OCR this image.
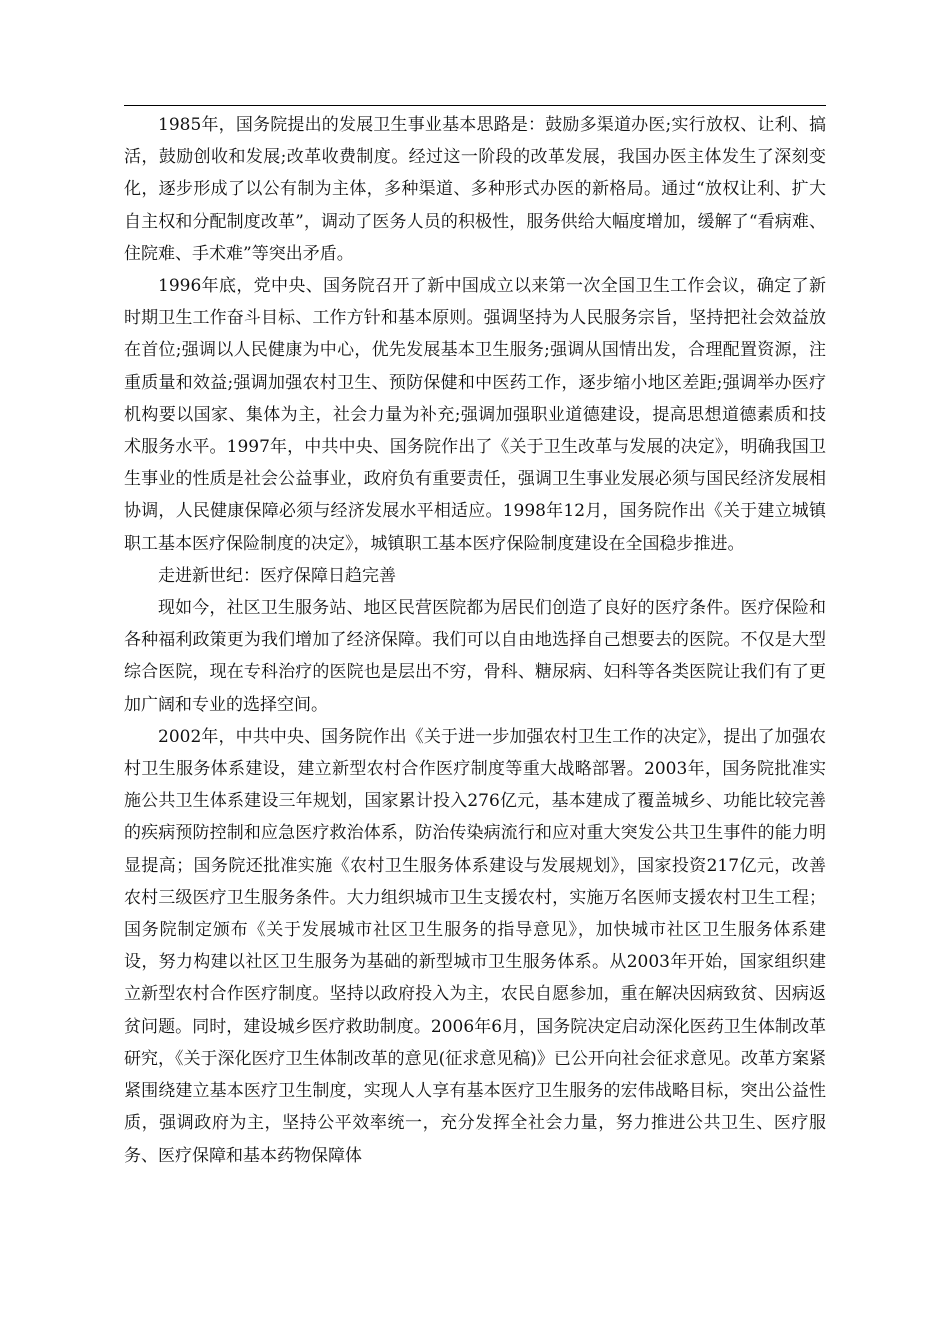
1985年，国务院提出的发展卫生事业基本思路是：鼓励多渠道办医;实行放权、让利、搞活，鼓励创收和发展;改革收费制度。经过这一阶段的改革发展，我国办医主体发生了深刻变化，逐步形成了以公有制为主体，多种渠道、多种形式办医的新格局。通过“放权让利、扩大自主权和分配制度改革”，调动了医务人员的积极性，服务供给大幅度增加，缓解了“看病难、住院难、手术难”等突出矛盾。

1996年底，党中央、国务院召开了新中国成立以来第一次全国卫生工作会议，确定了新时期卫生工作奋斗目标、工作方针和基本原则。强调坚持为人民服务宗旨，坚持把社会效益放在首位;强调以人民健康为中心，优先发展基本卫生服务;强调从国情出发，合理配置资源，注重质量和效益;强调加强农村卫生、预防保健和中医药工作，逐步缩小地区差距;强调举办医疗机构要以国家、集体为主，社会力量为补充;强调加强职业道德建设，提高思想道德素质和技术服务水平。1997年，中共中央、国务院作出了《关于卫生改革与发展的决定》，明确我国卫生事业的性质是社会公益事业，政府负有重要责任，强调卫生事业发展必须与国民经济发展相协调，人民健康保障必须与经济发展水平相适应。1998年12月，国务院作出《关于建立城镇职工基本医疗保险制度的决定》，城镇职工基本医疗保险制度建设在全国稳步推进。

走进新世纪：医疗保障日趋完善

现如今，社区卫生服务站、地区民营医院都为居民们创造了良好的医疗条件。医疗保险和各种福利政策更为我们增加了经济保障。我们可以自由地选择自己想要去的医院。不仅是大型综合医院，现在专科治疗的医院也是层出不穷，骨科、糖尿病、妇科等各类医院让我们有了更加广阔和专业的选择空间。

2002年，中共中央、国务院作出《关于进一步加强农村卫生工作的决定》，提出了加强农村卫生服务体系建设，建立新型农村合作医疗制度等重大战略部署。2003年，国务院批准实施公共卫生体系建设三年规划，国家累计投入276亿元，基本建成了覆盖城乡、功能比较完善的疾病预防控制和应急医疗救治体系，防治传染病流行和应对重大突发公共卫生事件的能力明显提高；国务院还批准实施《农村卫生服务体系建设与发展规划》，国家投资217亿元，改善农村三级医疗卫生服务条件。大力组织城市卫生支援农村，实施万名医师支援农村卫生工程；国务院制定颁布《关于发展城市社区卫生服务的指导意见》，加快城市社区卫生服务体系建设，努力构建以社区卫生服务为基础的新型城市卫生服务体系。从2003年开始，国家组织建立新型农村合作医疗制度。坚持以政府投入为主，农民自愿参加，重在解决因病致贫、因病返贫问题。同时，建设城乡医疗救助制度。2006年6月，国务院决定启动深化医药卫生体制改革研究，《关于深化医疗卫生体制改革的意见(征求意见稿)》已公开向社会征求意见。改革方案紧紧围绕建立基本医疗卫生制度，实现人人享有基本医疗卫生服务的宏伟战略目标，突出公益性质，强调政府为主，坚持公平效率统一，充分发挥全社会力量，努力推进公共卫生、医疗服务、医疗保障和基本药物保障体
